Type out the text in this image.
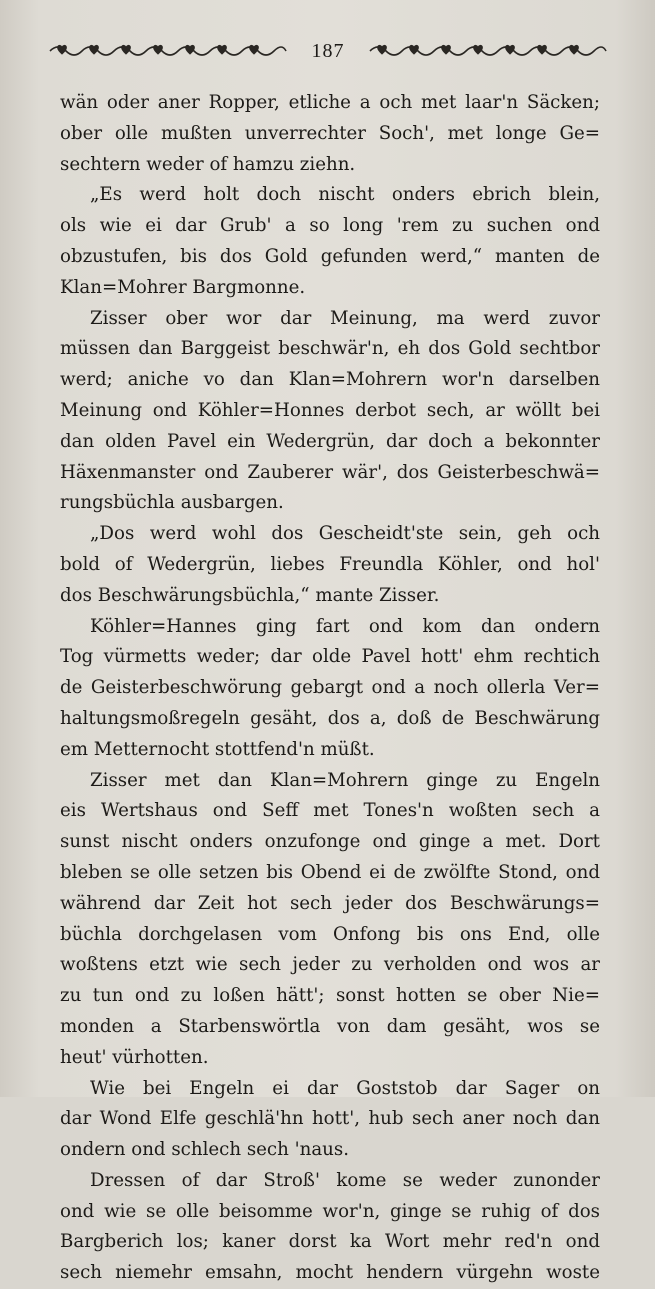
187
wän oder aner Ropper, etliche a och met laar'n Säcken;
ober olle mußten unverrechter Soch', met longe Ge=
sechtern weder of hamzu ziehn.
„Es werd holt doch nischt onders ebrich blein,
ols wie ei dar Grub' a so long 'rem zu suchen ond
obzustufen, bis dos Gold gefunden werd,“ manten de
Klan=Mohrer Bargmonne.
Zisser ober wor dar Meinung, ma werd zuvor
müssen dan Barggeist beschwär'n, eh dos Gold sechtbor
werd; aniche vo dan Klan=Mohrern wor'n darselben
Meinung ond Köhler=Honnes derbot sech, ar wöllt bei
dan olden Pavel ein Wedergrün, dar doch a bekonnter
Häxenmanster ond Zauberer wär', dos Geisterbeschwä=
rungsbüchla ausbargen.
„Dos werd wohl dos Gescheidt'ste sein, geh och
bold of Wedergrün, liebes Freundla Köhler, ond hol'
dos Beschwärungsbüchla,“ mante Zisser.
Köhler=Hannes ging fart ond kom dan ondern
Tog vürmetts weder; dar olde Pavel hott' ehm rechtich
de Geisterbeschwörung gebargt ond a noch ollerla Ver=
haltungsmoßregeln gesäht, dos a, doß de Beschwärung
em Metternocht stottfend'n müßt.
Zisser met dan Klan=Mohrern ginge zu Engeln
eis Wertshaus ond Seff met Tones'n woßten sech a
sunst nischt onders onzufonge ond ginge a met. Dort
bleben se olle setzen bis Obend ei de zwölfte Stond, ond
während dar Zeit hot sech jeder dos Beschwärungs=
büchla dorchgelasen vom Onfong bis ons End, olle
woßtens etzt wie sech jeder zu verholden ond wos ar
zu tun ond zu loßen hätt'; sonst hotten se ober Nie=
monden a Starbenswörtla von dam gesäht, wos se
heut' vürhotten.
Wie bei Engeln ei dar Goststob dar Sager on
dar Wond Elfe geschlä'hn hott', hub sech aner noch dan
ondern ond schlech sech 'naus.
Dressen of dar Stroß' kome se weder zunonder
ond wie se olle beisomme wor'n, ginge se ruhig of dos
Bargberich los; kaner dorst ka Wort mehr red'n ond
sech niemehr emsahn, mocht hendern vürgehn woste
